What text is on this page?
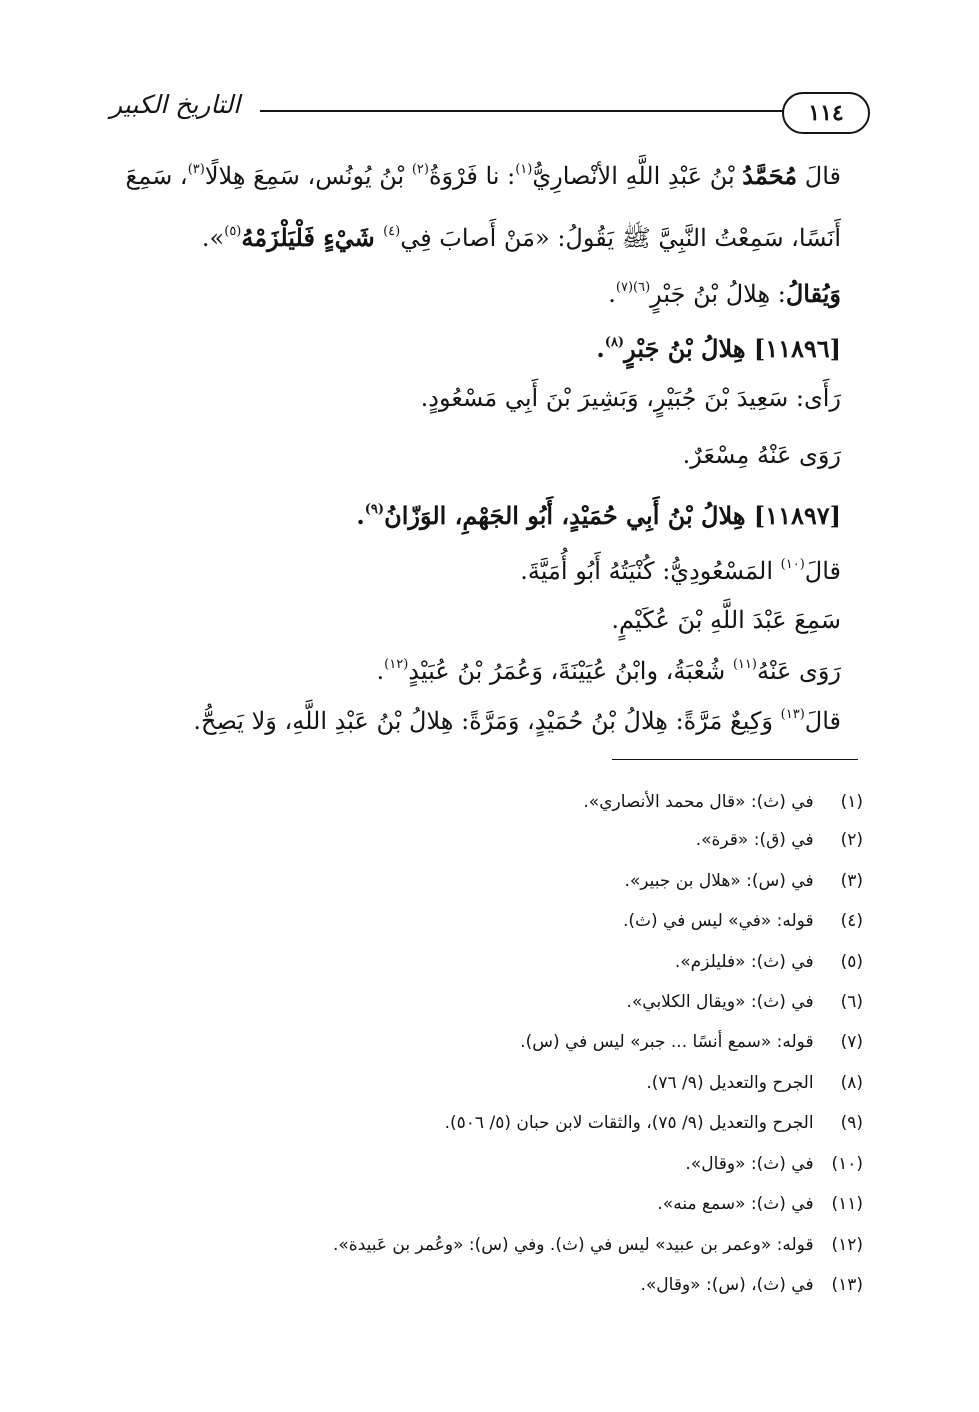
١١٤
التاريخ الكبير
قالَ مُحَمَّدُ بْنُ عَبْدِ اللَّهِ الأنْصارِيُّ$^{(١)}$: نا فَرْوَةُ$^{(٢)}$ بْنُ يُونُس، سَمِعَ هِلالًا$^{(٣)}$، سَمِعَ
أَنَسًا، سَمِعْتُ النَّبِيَّ ﷺ يَقُولُ: «مَنْ أَصابَ فِي$^{(٤)}$ شَيْءٍ فَلْيَلْزَمْهُ$^{(٥)}$».
وَيُقالُ: هِلالُ بْنُ جَبْرٍ$^{(٦)(٧)}$.
[١١٨٩٦] هِلالُ بْنُ جَبْرٍ$^{(٨)}$.
رَأَى: سَعِيدَ بْنَ جُبَيْرٍ، وَبَشِيرَ بْنَ أَبِي مَسْعُودٍ.
رَوَى عَنْهُ مِسْعَرٌ.
[١١٨٩٧] هِلالُ بْنُ أَبِي حُمَيْدٍ، أَبُو الجَهْمِ، الوَزّانُ$^{(٩)}$.
قالَ$^{(١٠)}$ المَسْعُودِيُّ: كُنْيَتُهُ أَبُو أُمَيَّةَ.
سَمِعَ عَبْدَ اللَّهِ بْنَ عُكَيْمٍ.
رَوَى عَنْهُ$^{(١١)}$ شُعْبَةُ، وابْنُ عُيَيْنَةَ، وَعُمَرُ بْنُ عُبَيْدٍ$^{(١٢)}$.
قالَ$^{(١٣)}$ وَكِيعٌ مَرَّةً: هِلالُ بْنُ حُمَيْدٍ، وَمَرَّةً: هِلالُ بْنُ عَبْدِ اللَّهِ، وَلا يَصِحُّ.
(١) في (ث): «قال محمد الأنصاري».
(٢) في (ق): «قرة».
(٣) في (س): «هلال بن جبير».
(٤) قوله: «في» ليس في (ث).
(٥) في (ث): «فليلزم».
(٦) في (ث): «ويقال الكلابي».
(٧) قوله: «سمع أنسًا ... جبر» ليس في (س).
(٨) الجرح والتعديل (٩/ ٧٦).
(٩) الجرح والتعديل (٩/ ٧٥)، والثقات لابن حبان (٥/ ٥٠٦).
(١٠) في (ث): «وقال».
(١١) في (ث): «سمع منه».
(١٢) قوله: «وعمر بن عبيد» ليس في (ث). وفي (س): «وعُمر بن عَبيدة».
(١٣) في (ث)، (س): «وقال».
